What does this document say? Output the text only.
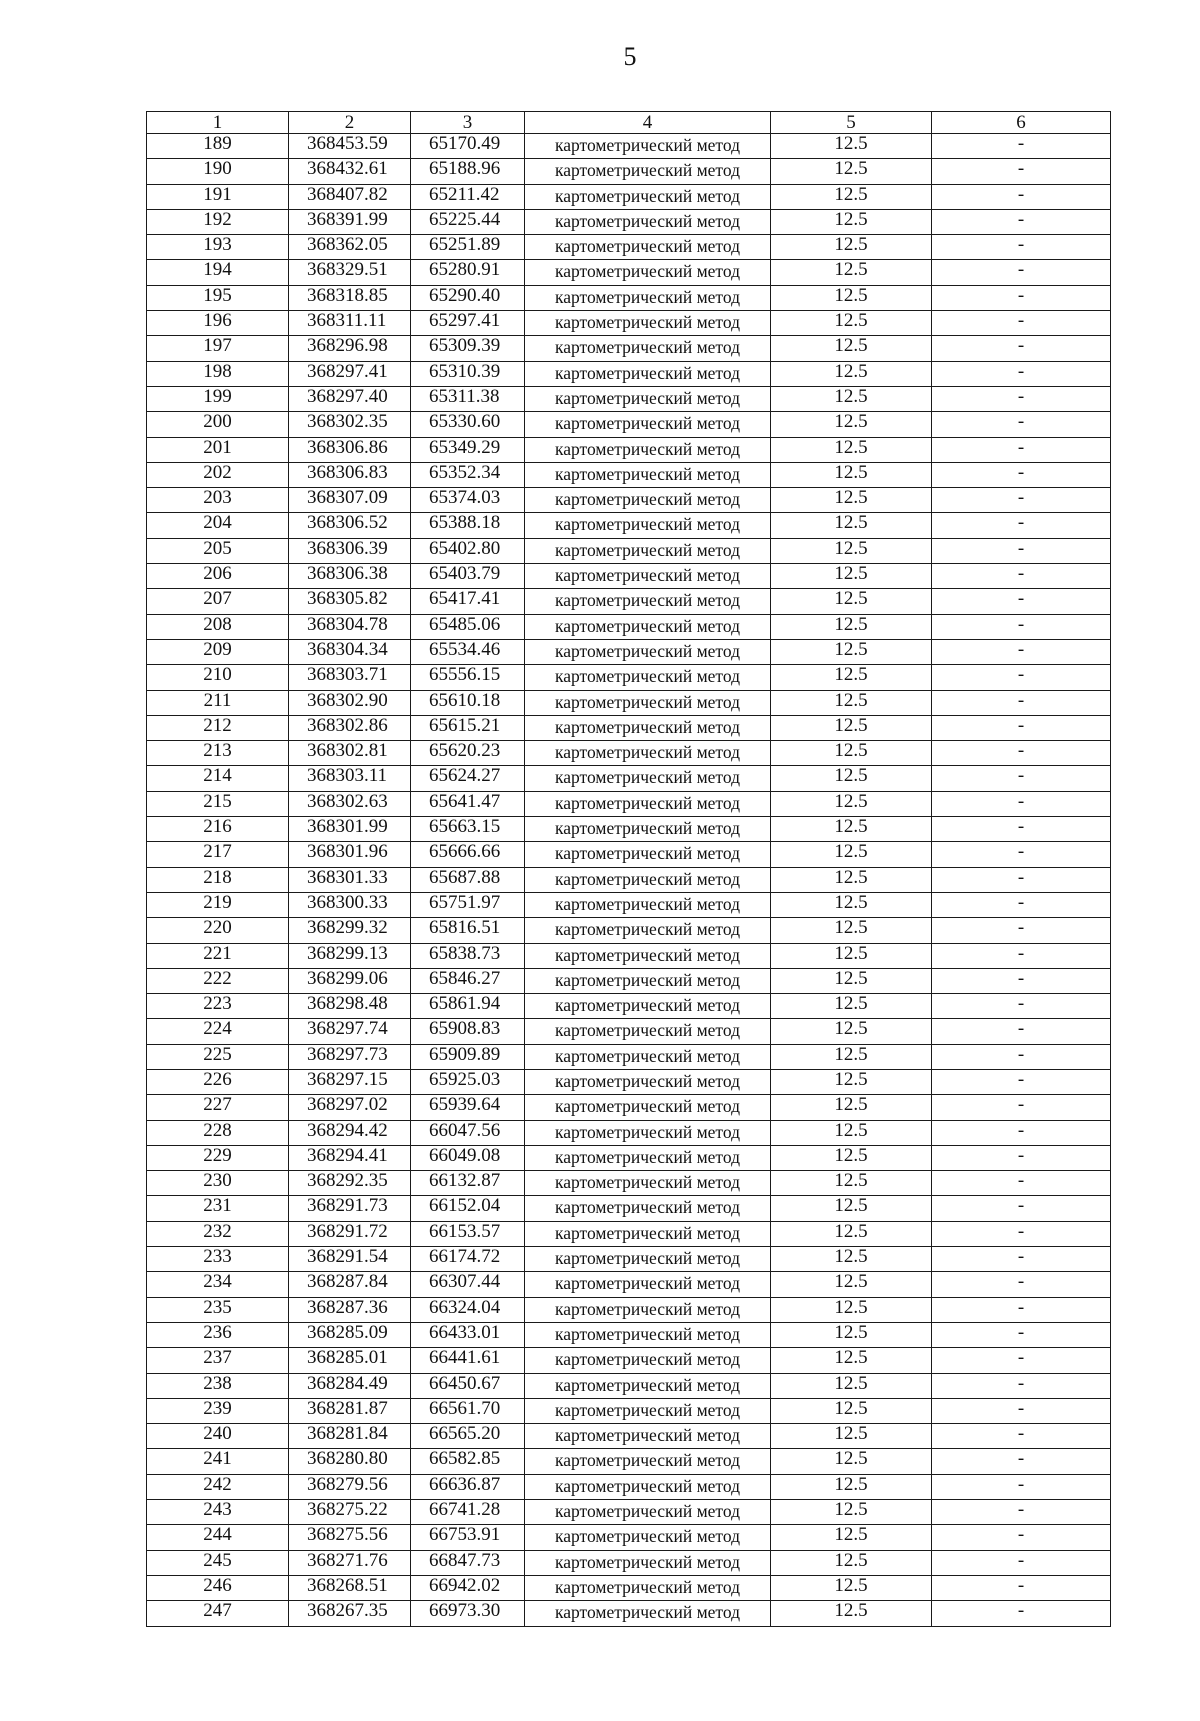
5
1	2	3	4	5	6
189	368453.59	65170.49	картометрический метод	12.5	-
190	368432.61	65188.96	картометрический метод	12.5	-
191	368407.82	65211.42	картометрический метод	12.5	-
192	368391.99	65225.44	картометрический метод	12.5	-
193	368362.05	65251.89	картометрический метод	12.5	-
194	368329.51	65280.91	картометрический метод	12.5	-
195	368318.85	65290.40	картометрический метод	12.5	-
196	368311.11	65297.41	картометрический метод	12.5	-
197	368296.98	65309.39	картометрический метод	12.5	-
198	368297.41	65310.39	картометрический метод	12.5	-
199	368297.40	65311.38	картометрический метод	12.5	-
200	368302.35	65330.60	картометрический метод	12.5	-
201	368306.86	65349.29	картометрический метод	12.5	-
202	368306.83	65352.34	картометрический метод	12.5	-
203	368307.09	65374.03	картометрический метод	12.5	-
204	368306.52	65388.18	картометрический метод	12.5	-
205	368306.39	65402.80	картометрический метод	12.5	-
206	368306.38	65403.79	картометрический метод	12.5	-
207	368305.82	65417.41	картометрический метод	12.5	-
208	368304.78	65485.06	картометрический метод	12.5	-
209	368304.34	65534.46	картометрический метод	12.5	-
210	368303.71	65556.15	картометрический метод	12.5	-
211	368302.90	65610.18	картометрический метод	12.5	-
212	368302.86	65615.21	картометрический метод	12.5	-
213	368302.81	65620.23	картометрический метод	12.5	-
214	368303.11	65624.27	картометрический метод	12.5	-
215	368302.63	65641.47	картометрический метод	12.5	-
216	368301.99	65663.15	картометрический метод	12.5	-
217	368301.96	65666.66	картометрический метод	12.5	-
218	368301.33	65687.88	картометрический метод	12.5	-
219	368300.33	65751.97	картометрический метод	12.5	-
220	368299.32	65816.51	картометрический метод	12.5	-
221	368299.13	65838.73	картометрический метод	12.5	-
222	368299.06	65846.27	картометрический метод	12.5	-
223	368298.48	65861.94	картометрический метод	12.5	-
224	368297.74	65908.83	картометрический метод	12.5	-
225	368297.73	65909.89	картометрический метод	12.5	-
226	368297.15	65925.03	картометрический метод	12.5	-
227	368297.02	65939.64	картометрический метод	12.5	-
228	368294.42	66047.56	картометрический метод	12.5	-
229	368294.41	66049.08	картометрический метод	12.5	-
230	368292.35	66132.87	картометрический метод	12.5	-
231	368291.73	66152.04	картометрический метод	12.5	-
232	368291.72	66153.57	картометрический метод	12.5	-
233	368291.54	66174.72	картометрический метод	12.5	-
234	368287.84	66307.44	картометрический метод	12.5	-
235	368287.36	66324.04	картометрический метод	12.5	-
236	368285.09	66433.01	картометрический метод	12.5	-
237	368285.01	66441.61	картометрический метод	12.5	-
238	368284.49	66450.67	картометрический метод	12.5	-
239	368281.87	66561.70	картометрический метод	12.5	-
240	368281.84	66565.20	картометрический метод	12.5	-
241	368280.80	66582.85	картометрический метод	12.5	-
242	368279.56	66636.87	картометрический метод	12.5	-
243	368275.22	66741.28	картометрический метод	12.5	-
244	368275.56	66753.91	картометрический метод	12.5	-
245	368271.76	66847.73	картометрический метод	12.5	-
246	368268.51	66942.02	картометрический метод	12.5	-
247	368267.35	66973.30	картометрический метод	12.5	-
